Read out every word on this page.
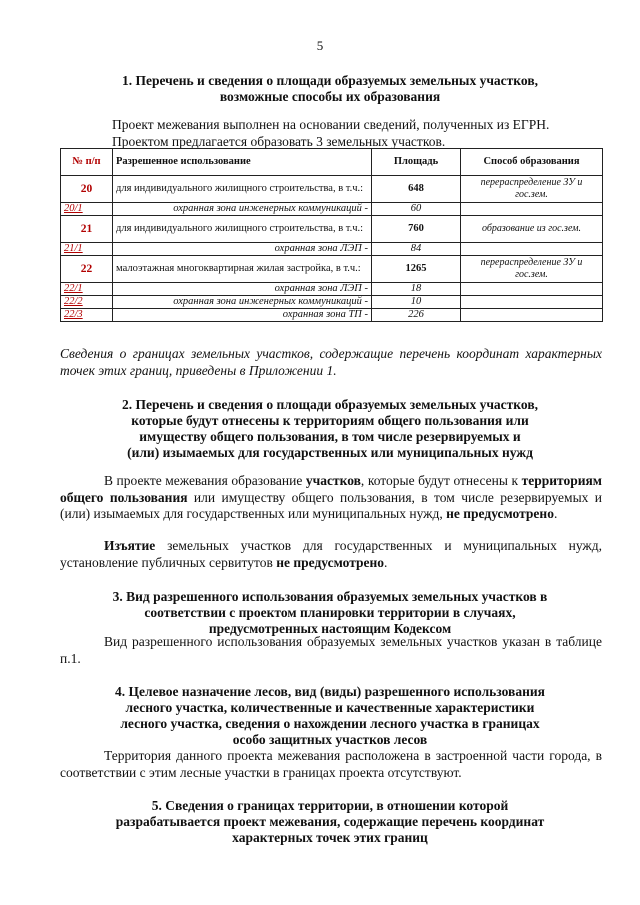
5
1. Перечень и сведения о площади образуемых земельных участков,
возможные способы их образования
Проект межевания выполнен на основании сведений, полученных из ЕГРН.
Проектом предлагается образовать 3 земельных участков.
№ п/п	Разрешенное использование	Площадь	Способ образования
20	для индивидуального жилищного строительства, в т.ч.:	648	перераспределение ЗУ и гос.зем.
20/1	охранная зона инженерных коммуникаций -	60	
21	для индивидуального жилищного строительства, в т.ч.:	760	образование из гос.зем.
21/1	охранная зона ЛЭП -	84	
22	малоэтажная многоквартирная жилая застройка, в т.ч.:	1265	перераспределение ЗУ и гос.зем.
22/1	охранная зона ЛЭП -	18	
22/2	охранная зона инженерных коммуникаций -	10	
22/3	охранная зона ТП -	226	
Сведения о границах земельных участков, содержащие перечень координат характерных точек этих границ, приведены в Приложении 1.
2. Перечень и сведения о площади образуемых земельных участков,
которые будут отнесены к территориям общего пользования или
имуществу общего пользования, в том числе резервируемых и
(или) изымаемых для государственных или муниципальных нужд
В проекте межевания образование участков, которые будут отнесены к территориям общего пользования или имуществу общего пользования, в том числе резервируемых и (или) изымаемых для государственных или муниципальных нужд, не предусмотрено.
Изъятие земельных участков для государственных и муниципальных нужд, установление публичных сервитутов не предусмотрено.
3. Вид разрешенного использования образуемых земельных участков в
соответствии с проектом планировки территории в случаях,
предусмотренных настоящим Кодексом
Вид разрешенного использования образуемых земельных участков указан в таблице п.1.
4. Целевое назначение лесов, вид (виды) разрешенного использования
лесного участка, количественные и качественные характеристики
лесного участка, сведения о нахождении лесного участка в границах
особо защитных участков лесов
Территория данного проекта межевания расположена в застроенной части города, в соответствии с этим лесные участки в границах проекта отсутствуют.
5. Сведения о границах территории, в отношении которой
разрабатывается проект межевания, содержащие перечень координат
характерных точек этих границ
